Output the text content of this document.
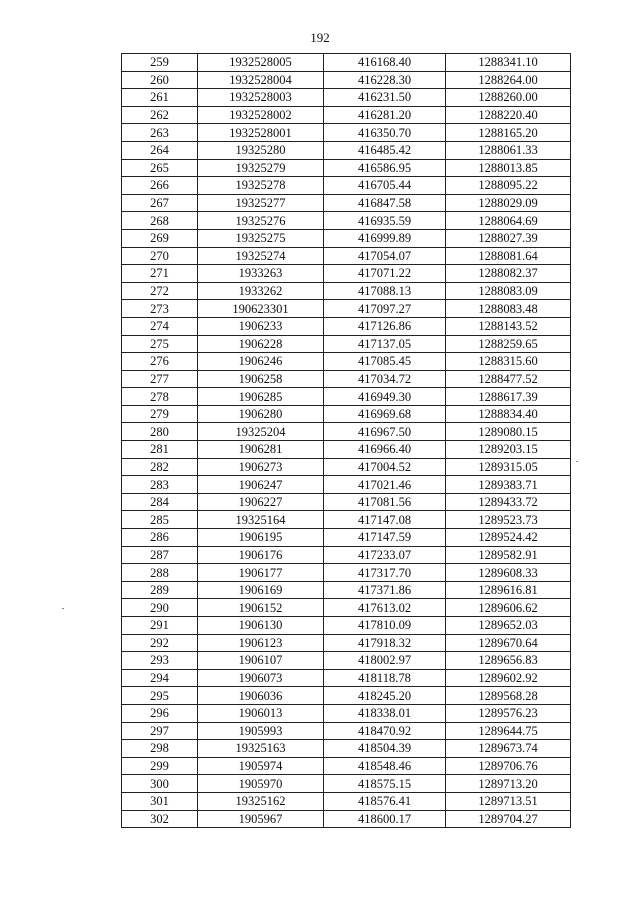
192
259	1932528005	416168.40	1288341.10
260	1932528004	416228.30	1288264.00
261	1932528003	416231.50	1288260.00
262	1932528002	416281.20	1288220.40
263	1932528001	416350.70	1288165.20
264	19325280	416485.42	1288061.33
265	19325279	416586.95	1288013.85
266	19325278	416705.44	1288095.22
267	19325277	416847.58	1288029.09
268	19325276	416935.59	1288064.69
269	19325275	416999.89	1288027.39
270	19325274	417054.07	1288081.64
271	1933263	417071.22	1288082.37
272	1933262	417088.13	1288083.09
273	190623301	417097.27	1288083.48
274	1906233	417126.86	1288143.52
275	1906228	417137.05	1288259.65
276	1906246	417085.45	1288315.60
277	1906258	417034.72	1288477.52
278	1906285	416949.30	1288617.39
279	1906280	416969.68	1288834.40
280	19325204	416967.50	1289080.15
281	1906281	416966.40	1289203.15
282	1906273	417004.52	1289315.05
283	1906247	417021.46	1289383.71
284	1906227	417081.56	1289433.72
285	19325164	417147.08	1289523.73
286	1906195	417147.59	1289524.42
287	1906176	417233.07	1289582.91
288	1906177	417317.70	1289608.33
289	1906169	417371.86	1289616.81
290	1906152	417613.02	1289606.62
291	1906130	417810.09	1289652.03
292	1906123	417918.32	1289670.64
293	1906107	418002.97	1289656.83
294	1906073	418118.78	1289602.92
295	1906036	418245.20	1289568.28
296	1906013	418338.01	1289576.23
297	1905993	418470.92	1289644.75
298	19325163	418504.39	1289673.74
299	1905974	418548.46	1289706.76
300	1905970	418575.15	1289713.20
301	19325162	418576.41	1289713.51
302	1905967	418600.17	1289704.27
